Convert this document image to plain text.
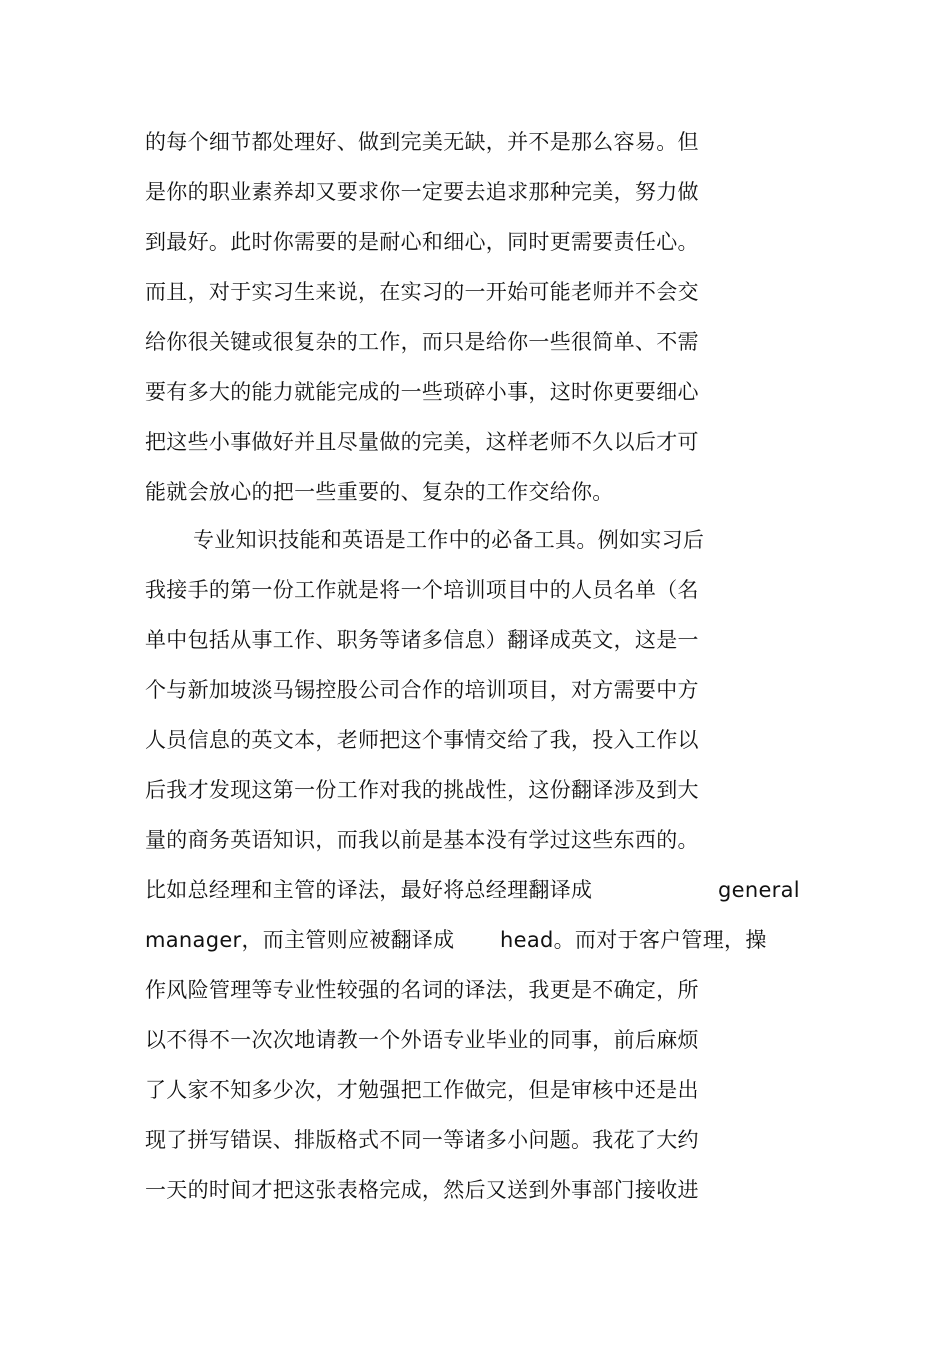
的每个细节都处理好、做到完美无缺，并不是那么容易。但
是你的职业素养却又要求你一定要去追求那种完美，努力做
到最好。此时你需要的是耐心和细心，同时更需要责任心。
而且，对于实习生来说，在实习的一开始可能老师并不会交
给你很关键或很复杂的工作，而只是给你一些很简单、不需
要有多大的能力就能完成的一些琐碎小事，这时你更要细心
把这些小事做好并且尽量做的完美，这样老师不久以后才可
能就会放心的把一些重要的、复杂的工作交给你。
专业知识技能和英语是工作中的必备工具。例如实习后
我接手的第一份工作就是将一个培训项目中的人员名单（名
单中包括从事工作、职务等诸多信息）翻译成英文，这是一
个与新加坡淡马锡控股公司合作的培训项目，对方需要中方
人员信息的英文本，老师把这个事情交给了我，投入工作以
后我才发现这第一份工作对我的挑战性，这份翻译涉及到大
量的商务英语知识，而我以前是基本没有学过这些东西的。
比如总经理和主管的译法，最好将总经理翻译成	general
manager，而主管则应被翻译成 head。而对于客户管理，操
作风险管理等专业性较强的名词的译法，我更是不确定，所
以不得不一次次地请教一个外语专业毕业的同事，前后麻烦
了人家不知多少次，才勉强把工作做完，但是审核中还是出
现了拼写错误、排版格式不同一等诸多小问题。我花了大约
一天的时间才把这张表格完成，然后又送到外事部门接收进
